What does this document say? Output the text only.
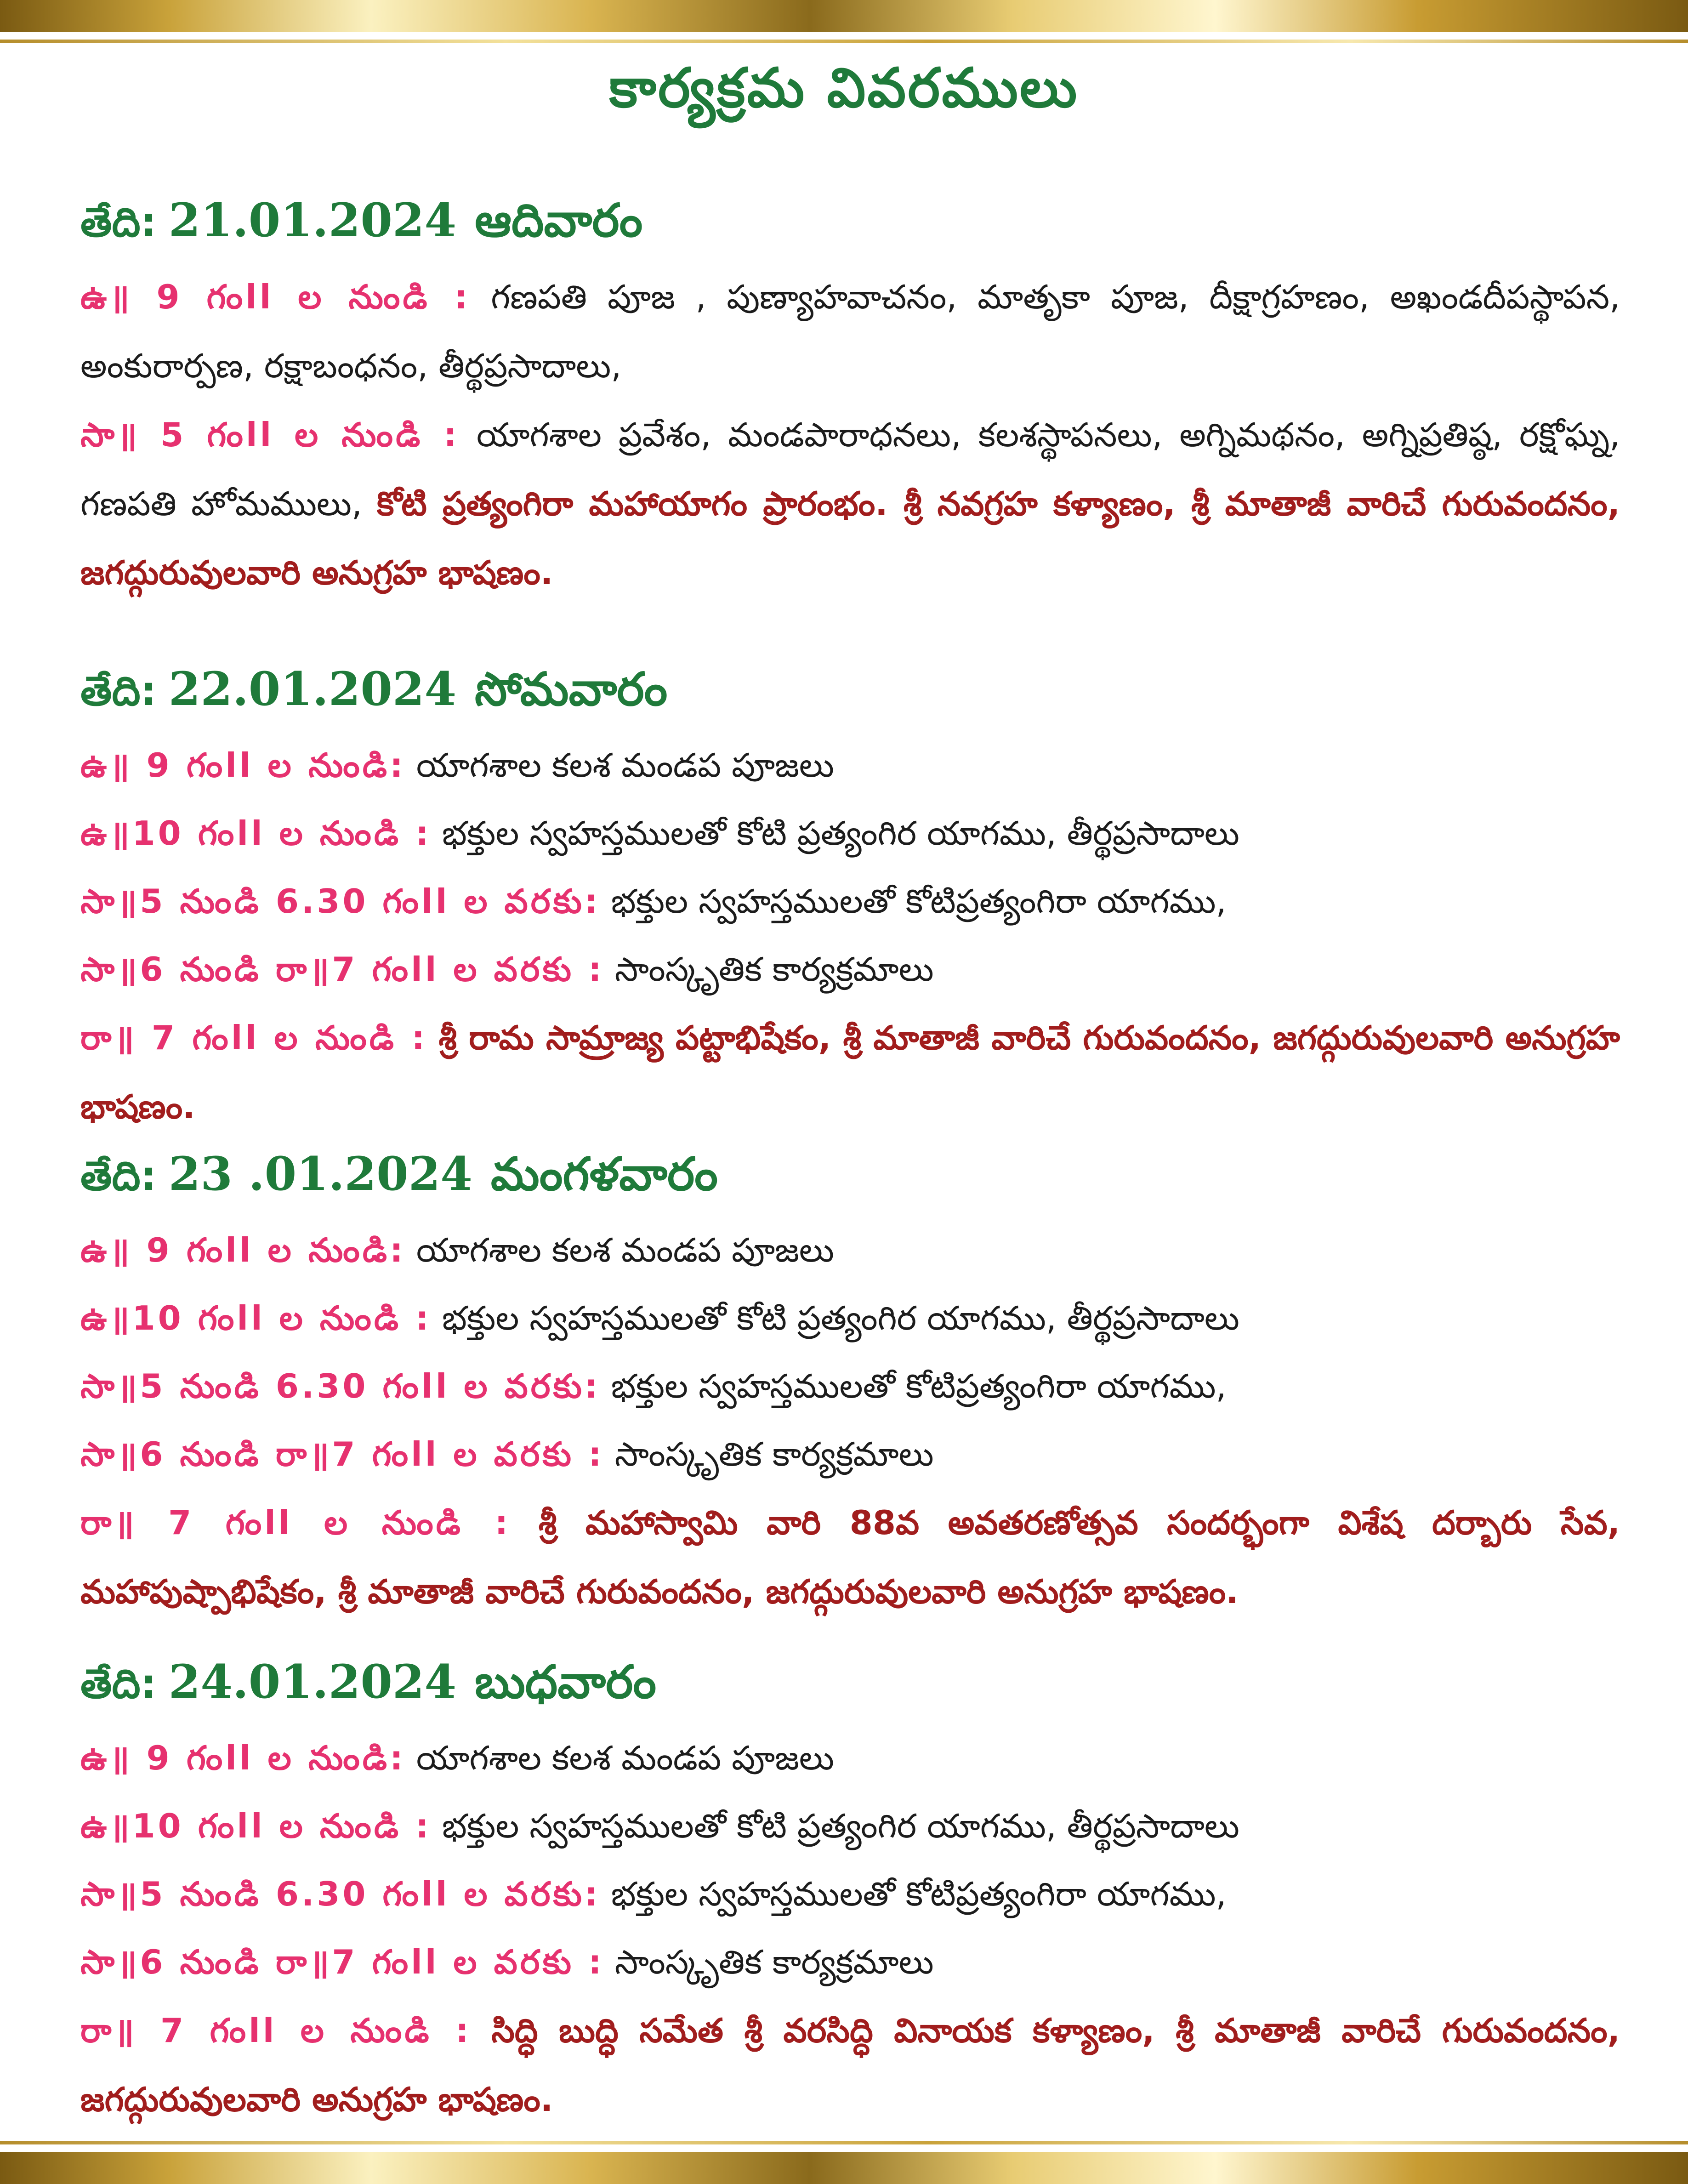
కార్యక్రమ వివరములు
తేది: 21.01.2024 ఆదివారం
ఉ॥ 9 గంll ల నుండి : గణపతి పూజ , పుణ్యాహవాచనం, మాతృకా పూజ, దీక్షాగ్రహణం, అఖండదీపస్థాపన, అంకురార్పణ, రక్షాబంధనం, తీర్థప్రసాదాలు,
సా॥ 5 గంll ల నుండి : యాగశాల ప్రవేశం, మండపారాధనలు, కలశస్థాపనలు, అగ్నిమథనం, అగ్నిప్రతిష్ఠ, రక్షోఘ్న, గణపతి హోమములు, కోటి ప్రత్యంగిరా మహాయాగం ప్రారంభం. శ్రీ నవగ్రహ కళ్యాణం, శ్రీ మాతాజీ వారిచే గురువందనం, జగద్గురువులవారి అనుగ్రహ భాషణం.
తేది: 22.01.2024 సోమవారం
ఉ॥ 9 గంll ల నుండి: యాగశాల కలశ మండప పూజలు
ఉ॥10 గంll ల నుండి : భక్తుల స్వహస్తములతో కోటి ప్రత్యంగిర యాగము, తీర్థప్రసాదాలు
సా॥5 నుండి 6.30 గంll ల వరకు: భక్తుల స్వహస్తములతో కోటిప్రత్యంగిరా యాగము,
సా॥6 నుండి రా॥7 గంll ల వరకు : సాంస్కృతిక కార్యక్రమాలు
రా॥ 7 గంll ల నుండి : శ్రీ రామ సామ్రాజ్య పట్టాభిషేకం, శ్రీ మాతాజీ వారిచే గురువందనం, జగద్గురువులవారి అనుగ్రహ భాషణం.
తేది: 23 .01.2024 మంగళవారం
ఉ॥ 9 గంll ల నుండి: యాగశాల కలశ మండప పూజలు
ఉ॥10 గంll ల నుండి : భక్తుల స్వహస్తములతో కోటి ప్రత్యంగిర యాగము, తీర్థప్రసాదాలు
సా॥5 నుండి 6.30 గంll ల వరకు: భక్తుల స్వహస్తములతో కోటిప్రత్యంగిరా యాగము,
సా॥6 నుండి రా॥7 గంll ల వరకు : సాంస్కృతిక కార్యక్రమాలు
రా॥ 7 గంll ల నుండి : శ్రీ మహాస్వామి వారి 88వ అవతరణోత్సవ సందర్భంగా విశేష దర్బారు సేవ, మహాపుష్పాభిషేకం, శ్రీ మాతాజీ వారిచే గురువందనం, జగద్గురువులవారి అనుగ్రహ భాషణం.
తేది: 24.01.2024 బుధవారం
ఉ॥ 9 గంll ల నుండి: యాగశాల కలశ మండప పూజలు
ఉ॥10 గంll ల నుండి : భక్తుల స్వహస్తములతో కోటి ప్రత్యంగిర యాగము, తీర్థప్రసాదాలు
సా॥5 నుండి 6.30 గంll ల వరకు: భక్తుల స్వహస్తములతో కోటిప్రత్యంగిరా యాగము,
సా॥6 నుండి రా॥7 గంll ల వరకు : సాంస్కృతిక కార్యక్రమాలు
రా॥ 7 గంll ల నుండి : సిద్ధి బుద్ధి సమేత శ్రీ వరసిద్ధి వినాయక కళ్యాణం, శ్రీ మాతాజీ వారిచే గురువందనం, జగద్గురువులవారి అనుగ్రహ భాషణం.
